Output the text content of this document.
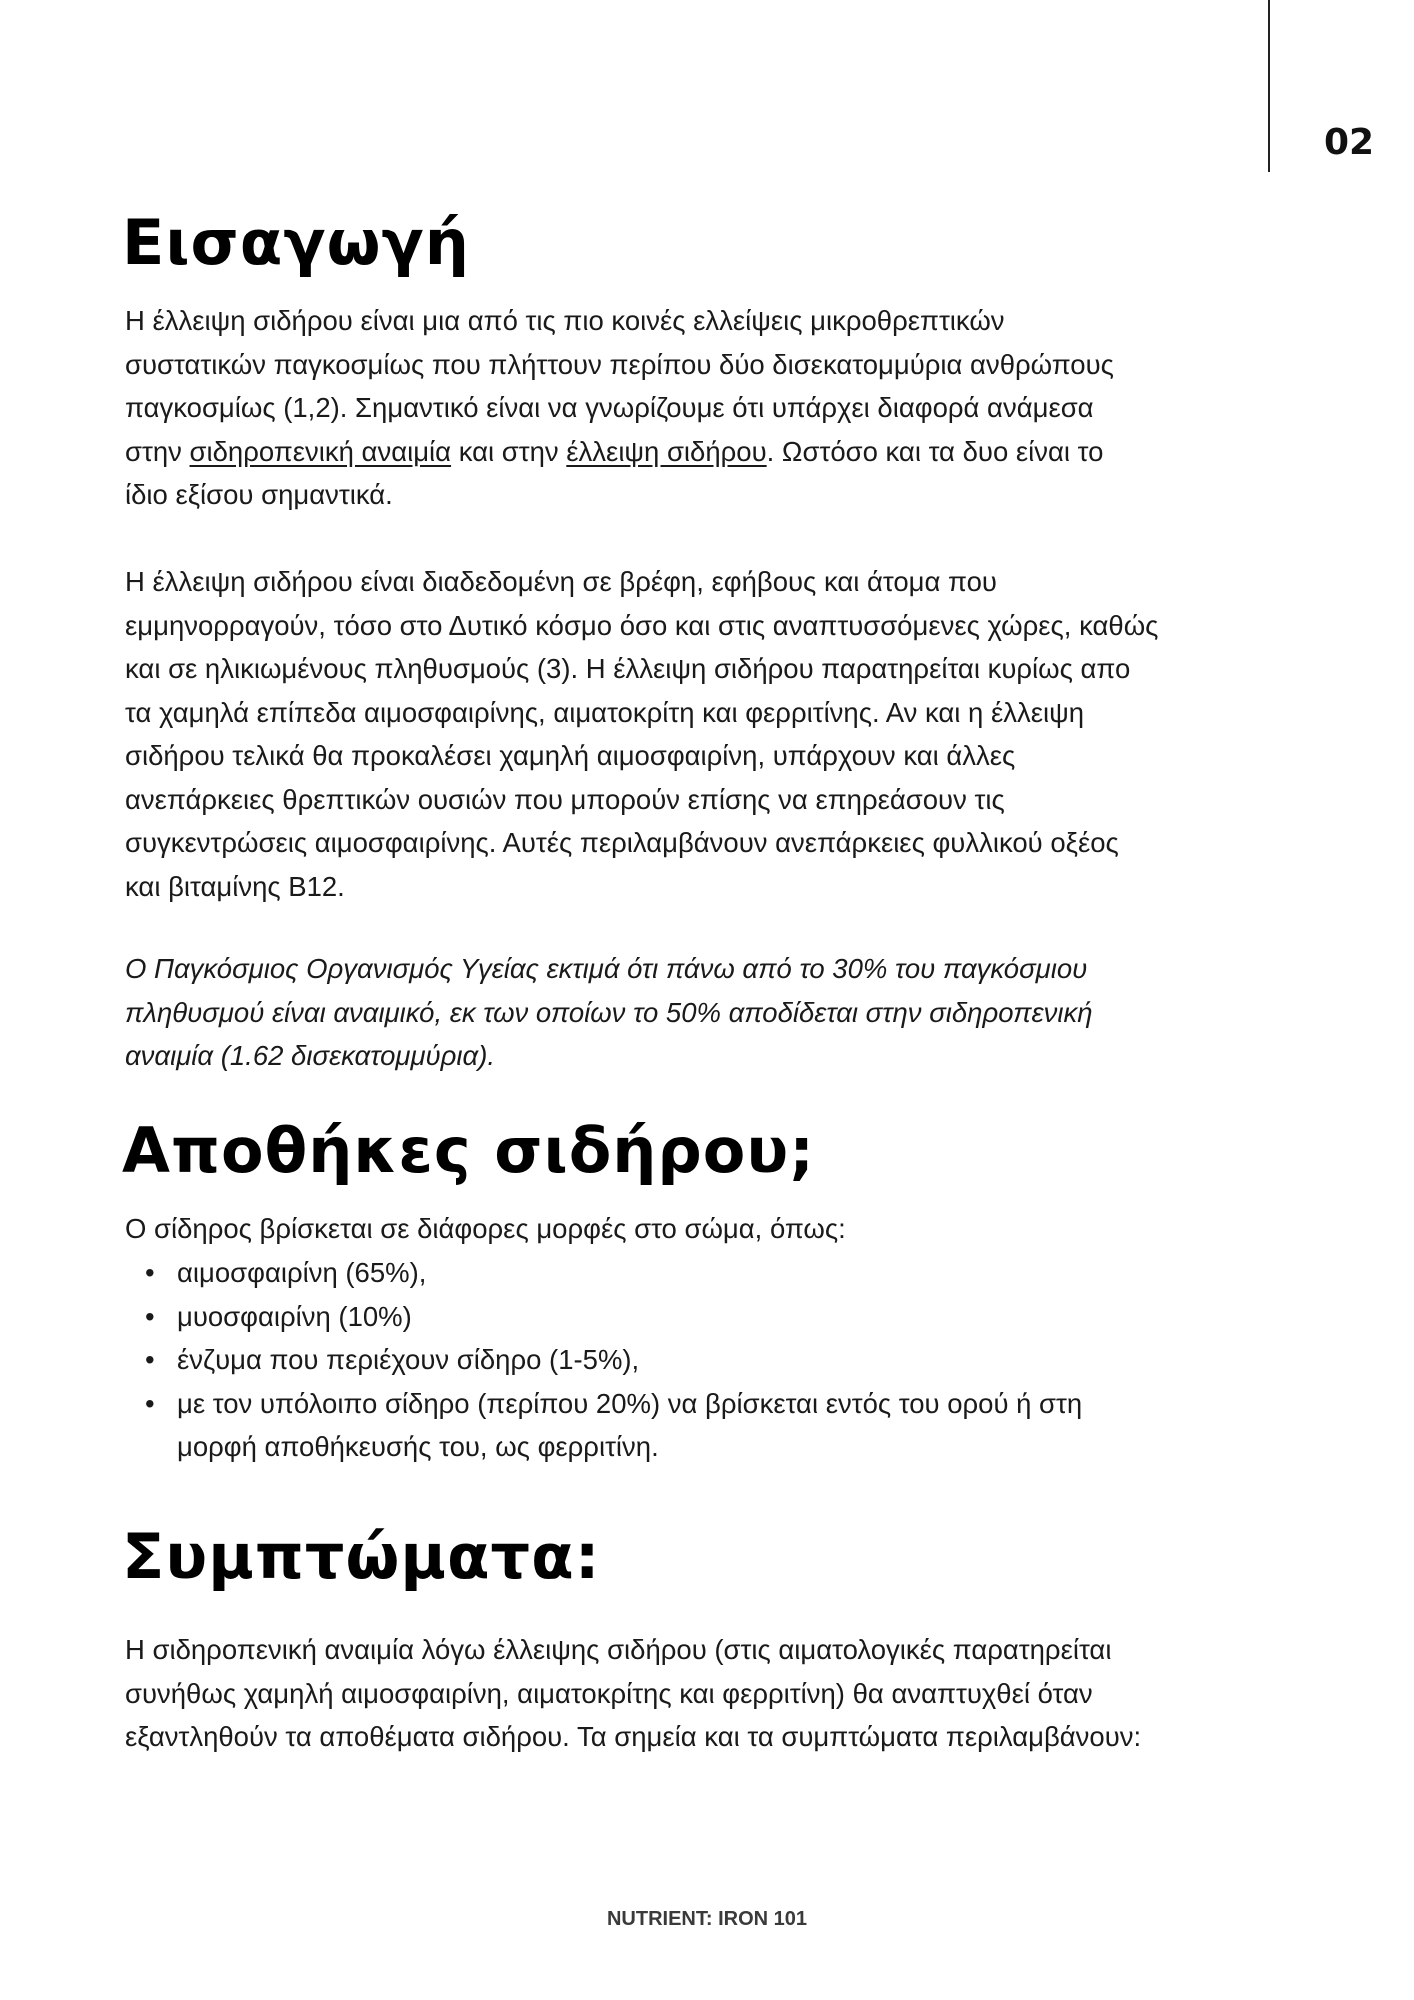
02
Εισαγωγή
Η έλλειψη σιδήρου είναι μια από τις πιο κοινές ελλείψεις μικροθρεπτικών
συστατικών παγκοσμίως που πλήττουν περίπου δύο δισεκατομμύρια ανθρώπους
παγκοσμίως (1,2). Σημαντικό είναι να γνωρίζουμε ότι υπάρχει διαφορά ανάμεσα
στην σιδηροπενική αναιμία και στην έλλειψη σιδήρου. Ωστόσο και τα δυο είναι το
ίδιο εξίσου σημαντικά.
Η έλλειψη σιδήρου είναι διαδεδομένη σε βρέφη, εφήβους και άτομα που
εμμηνορραγούν, τόσο στο Δυτικό κόσμο όσο και στις αναπτυσσόμενες χώρες, καθώς
και σε ηλικιωμένους πληθυσμούς (3). Η έλλειψη σιδήρου παρατηρείται κυρίως απο
τα χαμηλά επίπεδα αιμοσφαιρίνης, αιματοκρίτη και φερριτίνης. Αν και η έλλειψη
σιδήρου τελικά θα προκαλέσει χαμηλή αιμοσφαιρίνη, υπάρχουν και άλλες
ανεπάρκειες θρεπτικών ουσιών που μπορούν επίσης να επηρεάσουν τις
συγκεντρώσεις αιμοσφαιρίνης. Αυτές περιλαμβάνουν ανεπάρκειες φυλλικού οξέος
και βιταμίνης Β12.
Ο Παγκόσμιος Οργανισμός Υγείας εκτιμά ότι πάνω από το 30% του παγκόσμιου
πληθυσμού είναι αναιμικό, εκ των οποίων το 50% αποδίδεται στην σιδηροπενική
αναιμία (1.62 δισεκατομμύρια).
Αποθήκες σιδήρου;
Ο σίδηρος βρίσκεται σε διάφορες μορφές στο σώμα, όπως:
• αιμοσφαιρίνη (65%),
• μυοσφαιρίνη (10%)
• ένζυμα που περιέχουν σίδηρο (1-5%),
• με τον υπόλοιπο σίδηρο (περίπου 20%) να βρίσκεται εντός του ορού ή στη
μορφή αποθήκευσής του, ως φερριτίνη.
Συμπτώματα:
Η σιδηροπενική αναιμία λόγω έλλειψης σιδήρου (στις αιματολογικές παρατηρείται
συνήθως χαμηλή αιμοσφαιρίνη, αιματοκρίτης και φερριτίνη) θα αναπτυχθεί όταν
εξαντληθούν τα αποθέματα σιδήρου. Τα σημεία και τα συμπτώματα περιλαμβάνουν:
NUTRIENT: IRON 101
